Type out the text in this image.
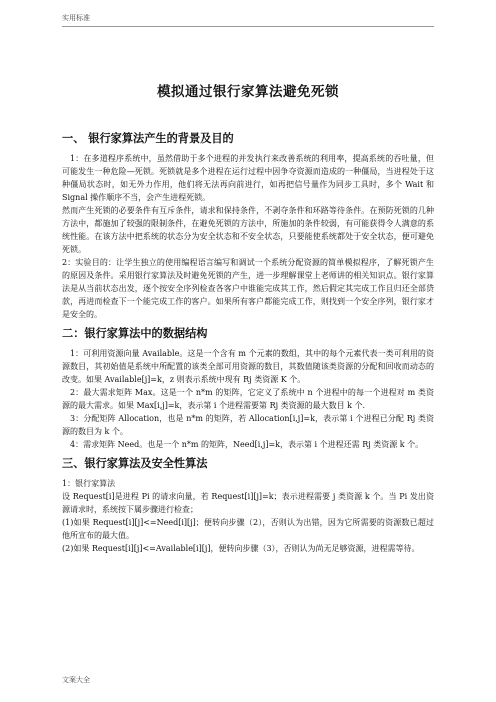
实用标准
模拟通过银行家算法避免死锁
一、 银行家算法产生的背景及目的

1：在多道程序系统中，虽然借助于多个进程的并发执行来改善系统的利用率，提高系统的吞吐量，但可能发生一种危险—死锁。死锁就是多个进程在运行过程中因争夺资源而造成的一种僵局，当进程处于这种僵局状态时，如无外力作用，他们将无法再向前进行，如再把信号量作为同步工具时，多个 Wait 和 Signal 操作顺序不当，会产生进程死锁。

然而产生死锁的必要条件有互斥条件，请求和保持条件，不剥夺条件和环路等待条件。在预防死锁的几种方法中，都施加了较强的限制条件，在避免死锁的方法中，所施加的条件较弱，有可能获得令人满意的系统性能。在该方法中把系统的状态分为安全状态和不安全状态，只要能使系统都处于安全状态，便可避免死锁。

2：实验目的：让学生独立的使用编程语言编写和调试一个系统分配资源的简单模拟程序，了解死锁产生的原因及条件。采用银行家算法及时避免死锁的产生，进一步理解课堂上老师讲的相关知识点。银行家算法是从当前状态出发，逐个按安全序列检查各客户中谁能完成其工作，然后假定其完成工作且归还全部贷款，再进而检查下一个能完成工作的客户。如果所有客户都能完成工作，则找到一个安全序列，银行家才是安全的。

二：银行家算法中的数据结构

1：可利用资源向量 Available。这是一个含有 m 个元素的数组，其中的每个元素代表一类可利用的资源数目，其初始值是系统中所配置的该类全部可用资源的数目，其数值随该类资源的分配和回收而动态的改变。如果 Available[j]=k，z 则表示系统中现有 Rj 类资源 K 个。

2：最大需求矩阵 Max。这是一个 n*m 的矩阵，它定义了系统中 n 个进程中的每一个进程对 m 类资源的最大需求。如果 Max[i,j]=k，表示第 i 个进程需要第 Rj 类资源的最大数目 k 个.

3：分配矩阵 Allocation，也是 n*m 的矩阵，若 Allocation[i,j]=k，表示第 i 个进程已分配 Rj 类资源的数目为 k 个。

4：需求矩阵 Need。也是一个 n*m 的矩阵，Need[i,j]=k，表示第 i 个进程还需 Rj 类资源 k 个。

三、银行家算法及安全性算法

1：银行家算法

设 Request[i]是进程 Pi 的请求向量，若 Request[i][j]=k；表示进程需要 j 类资源 k 个。当 Pi 发出资源请求时，系统按下属步骤进行检查；

(1)如果 Request[i][j]<=Need[i][j]；便转向步骤（2），否则认为出错，因为它所需要的资源数已超过他所宣布的最大值。

(2)如果 Request[i][j]<=Available[i][j]，便转向步骤（3），否则认为尚无足够资源，进程需等待。

文案大全
